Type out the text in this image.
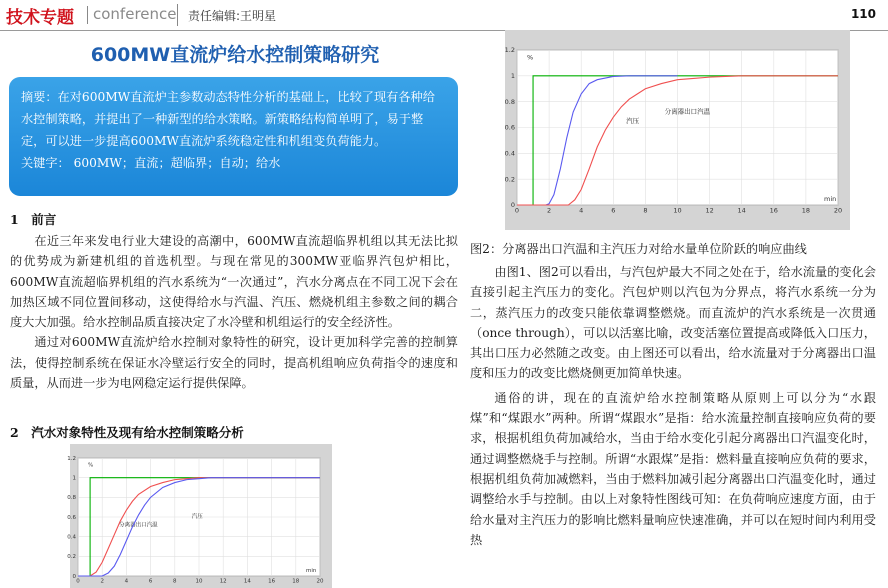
技术专题 conference 责任编辑:王明星	110
600MW直流炉给水控制策略研究

摘要：在对600MW直流炉主参数动态特性分析的基础上，比较了现有各种给水控制策略，并提出了一种新型的给水策略。新策略结构简单明了，易于整定，可以进一步提高600MW直流炉系统稳定性和机组变负荷能力。

关键字： 600MW；直流；超临界；自动；给水

1　前言

在近三年来发电行业大建设的高潮中，600MW直流超临界机组以其无法比拟的优势成为新建机组的首选机型。与现在常见的300MW亚临界汽包炉相比，600MW直流超临界机组的汽水系统为“一次通过”，汽水分离点在不同工况下会在加热区域不同位置间移动，这使得给水与汽温、汽压、燃烧机组主参数之间的耦合度大大加强。给水控制品质直接决定了水冷壁和机组运行的安全经济性。

通过对600MW直流炉给水控制对象特性的研究，设计更加科学完善的控制算法，使得控制系统在保证水冷壁运行安全的同时，提高机组响应负荷指令的速度和质量，从而进一步为电网稳定运行提供保障。

2　汽水对象特性及现有给水控制策略分析
0	2	4	6	8	10	12	14	16	18	20
0
0.2
0.4
0.6
0.8
1
1.2
%
min
分离器出口汽温
汽压
0	2	4	6	8	10	12	14	16	18	20
0
0.2
0.4
0.6
0.8
1
1.2
%
min
汽压
分离器出口汽温
图2：分离器出口汽温和主汽压力对给水量单位阶跃的响应曲线

由图1、图2可以看出，与汽包炉最大不同之处在于，给水流量的变化会直接引起主汽压力的变化。汽包炉则以汽包为分界点，将汽水系统一分为二，蒸汽压力的改变只能依靠调整燃烧。而直流炉的汽水系统是一次贯通（once through），可以以活塞比喻，改变活塞位置提高或降低入口压力，其出口压力必然随之改变。由上图还可以看出，给水流量对于分离器出口温度和压力的改变比燃烧侧更加简单快速。

通俗的讲，现在的直流炉给水控制策略从原则上可以分为“水跟煤”和“煤跟水”两种。所谓“煤跟水”是指：给水流量控制直接响应负荷的要求，根据机组负荷加减给水，当由于给水变化引起分离器出口汽温变化时，通过调整燃烧手与控制。所谓“水跟煤”是指：燃料量直接响应负荷的要求，根据机组负荷加减燃料，当由于燃料加减引起分离器出口汽温变化时，通过调整给水手与控制。由以上对象特性图线可知：在负荷响应速度方面，由于给水量对主汽压力的影响比燃料量响应快速准确，并可以在短时间内利用受热
